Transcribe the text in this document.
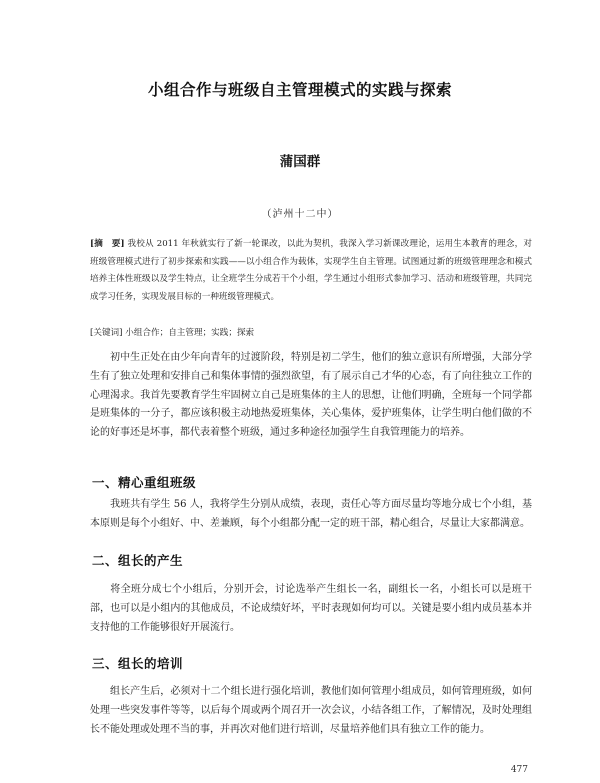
小组合作与班级自主管理模式的实践与探索
蒲国群
（泸州十二中）
[摘　要] 我校从 2011 年秋就实行了新一轮课改，以此为契机，我深入学习新课改理论，运用生本教育的理念，对班级管理模式进行了初步探索和实践——以小组合作为载体，实现学生自主管理。试图通过新的班级管理理念和模式培养主体性班级以及学生特点，让全班学生分成若干个小组，学生通过小组形式参加学习、活动和班级管理，共同完成学习任务，实现发展目标的一种班级管理模式。
[关键词] 小组合作；自主管理；实践；探索
初中生正处在由少年向青年的过渡阶段，特别是初二学生，他们的独立意识有所增强，大部分学生有了独立处理和安排自己和集体事情的强烈欲望，有了展示自己才华的心态，有了向往独立工作的心理渴求。我首先要教育学生牢固树立自己是班集体的主人的思想，让他们明确，全班每一个同学都是班集体的一分子，都应该积极主动地热爱班集体，关心集体，爱护班集体，让学生明白他们做的不论的好事还是坏事，都代表着整个班级，通过多种途径加强学生自我管理能力的培养。
一、精心重组班级
我班共有学生 56 人，我将学生分别从成绩，表现，责任心等方面尽量均等地分成七个小组，基本原则是每个小组好、中、差兼顾，每个小组都分配一定的班干部，精心组合，尽量让大家都满意。
二、组长的产生
将全班分成七个小组后，分别开会，讨论选举产生组长一名，副组长一名，小组长可以是班干部，也可以是小组内的其他成员，不论成绩好坏，平时表现如何均可以。关键是要小组内成员基本并支持他的工作能够很好开展流行。
三、组长的培训
组长产生后，必须对十二个组长进行强化培训，教他们如何管理小组成员，如何管理班级，如何处理一些突发事件等等，以后每个周或两个周召开一次会议，小结各组工作，了解情况，及时处理组长不能处理或处理不当的事，并再次对他们进行培训，尽量培养他们具有独立工作的能力。
477
